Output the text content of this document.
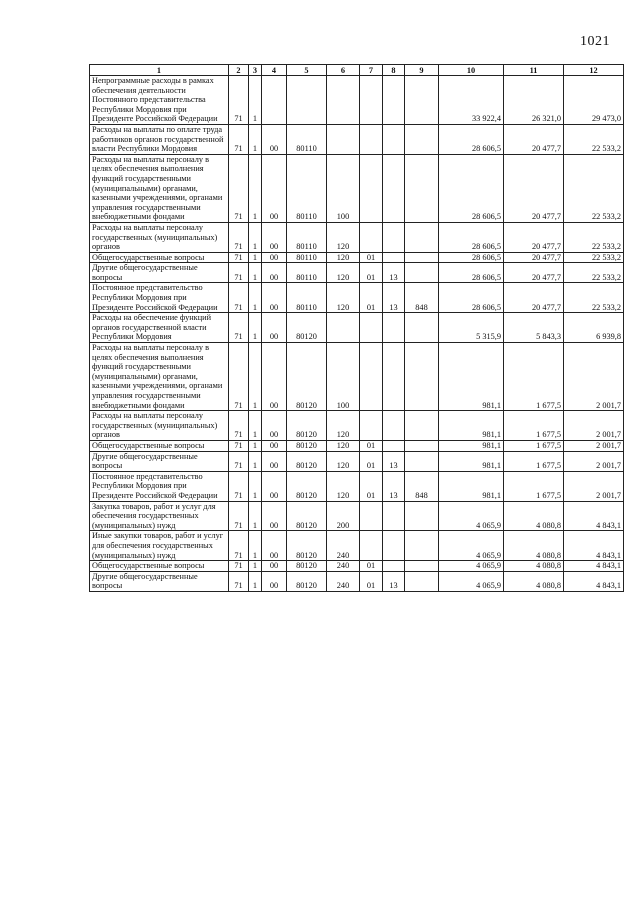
1021
1	2	3	4	5	6	7	8	9	10	11	12
Непрограммные расходы в рамках обеспечения деятельности Постоянного представительства Республики Мордовия при Президенте Российской Федерации	71	1							33 922,4	26 321,0	29 473,0
Расходы на выплаты по оплате труда работников органов государственной власти Республики Мордовия	71	1	00	80110					28 606,5	20 477,7	22 533,2
Расходы на выплаты персоналу в целях обеспечения выполнения функций государственными (муниципальными) органами, казенными учреждениями, органами управления государственными внебюджетными фондами	71	1	00	80110	100				28 606,5	20 477,7	22 533,2
Расходы на выплаты персоналу государственных (муниципальных) органов	71	1	00	80110	120				28 606,5	20 477,7	22 533,2
Общегосударственные вопросы	71	1	00	80110	120	01			28 606,5	20 477,7	22 533,2
Другие общегосударственные вопросы	71	1	00	80110	120	01	13		28 606,5	20 477,7	22 533,2
Постоянное представительство Республики Мордовия при Президенте Российской Федерации	71	1	00	80110	120	01	13	848	28 606,5	20 477,7	22 533,2
Расходы на обеспечение функций органов государственной власти Республики Мордовия	71	1	00	80120					5 315,9	5 843,3	6 939,8
Расходы на выплаты персоналу в целях обеспечения выполнения функций государственными (муниципальными) органами, казенными учреждениями, органами управления государственными внебюджетными фондами	71	1	00	80120	100				981,1	1 677,5	2 001,7
Расходы на выплаты персоналу государственных (муниципальных) органов	71	1	00	80120	120				981,1	1 677,5	2 001,7
Общегосударственные вопросы	71	1	00	80120	120	01			981,1	1 677,5	2 001,7
Другие общегосударственные вопросы	71	1	00	80120	120	01	13		981,1	1 677,5	2 001,7
Постоянное представительство Республики Мордовия при Президенте Российской Федерации	71	1	00	80120	120	01	13	848	981,1	1 677,5	2 001,7
Закупка товаров, работ и услуг для обеспечения государственных (муниципальных) нужд	71	1	00	80120	200				4 065,9	4 080,8	4 843,1
Иные закупки товаров, работ и услуг для обеспечения государственных (муниципальных) нужд	71	1	00	80120	240				4 065,9	4 080,8	4 843,1
Общегосударственные вопросы	71	1	00	80120	240	01			4 065,9	4 080,8	4 843,1
Другие общегосударственные вопросы	71	1	00	80120	240	01	13		4 065,9	4 080,8	4 843,1
